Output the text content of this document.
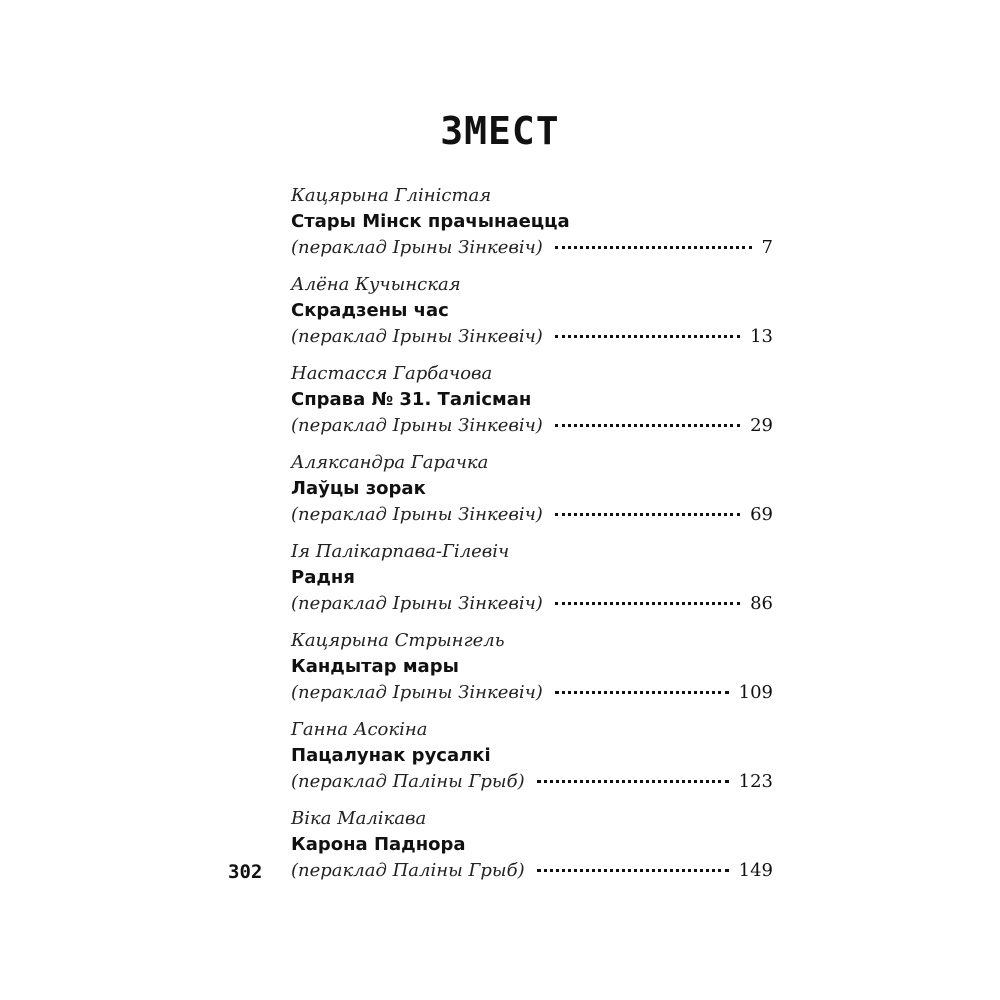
ЗМЕСТ
Кацярына Гліністая
Стары Мінск прачынаецца
(пераклад Ірыны Зінкевіч)	7
Алёна Кучынская
Скрадзены час
(пераклад Ірыны Зінкевіч)	13
Настасся Гарбачова
Справа № 31. Талісман
(пераклад Ірыны Зінкевіч)	29
Аляксандра Гарачка
Лаўцы зорак
(пераклад Ірыны Зінкевіч)	69
Ія Палікарпава-Гілевіч
Радня
(пераклад Ірыны Зінкевіч)	86
Кацярына Стрынгель
Кандытар мары
(пераклад Ірыны Зінкевіч)	109
Ганна Асокіна
Пацалунак русалкі
(пераклад Паліны Грыб)	123
Віка Малікава
Карона Паднора
(пераклад Паліны Грыб)	149
302
